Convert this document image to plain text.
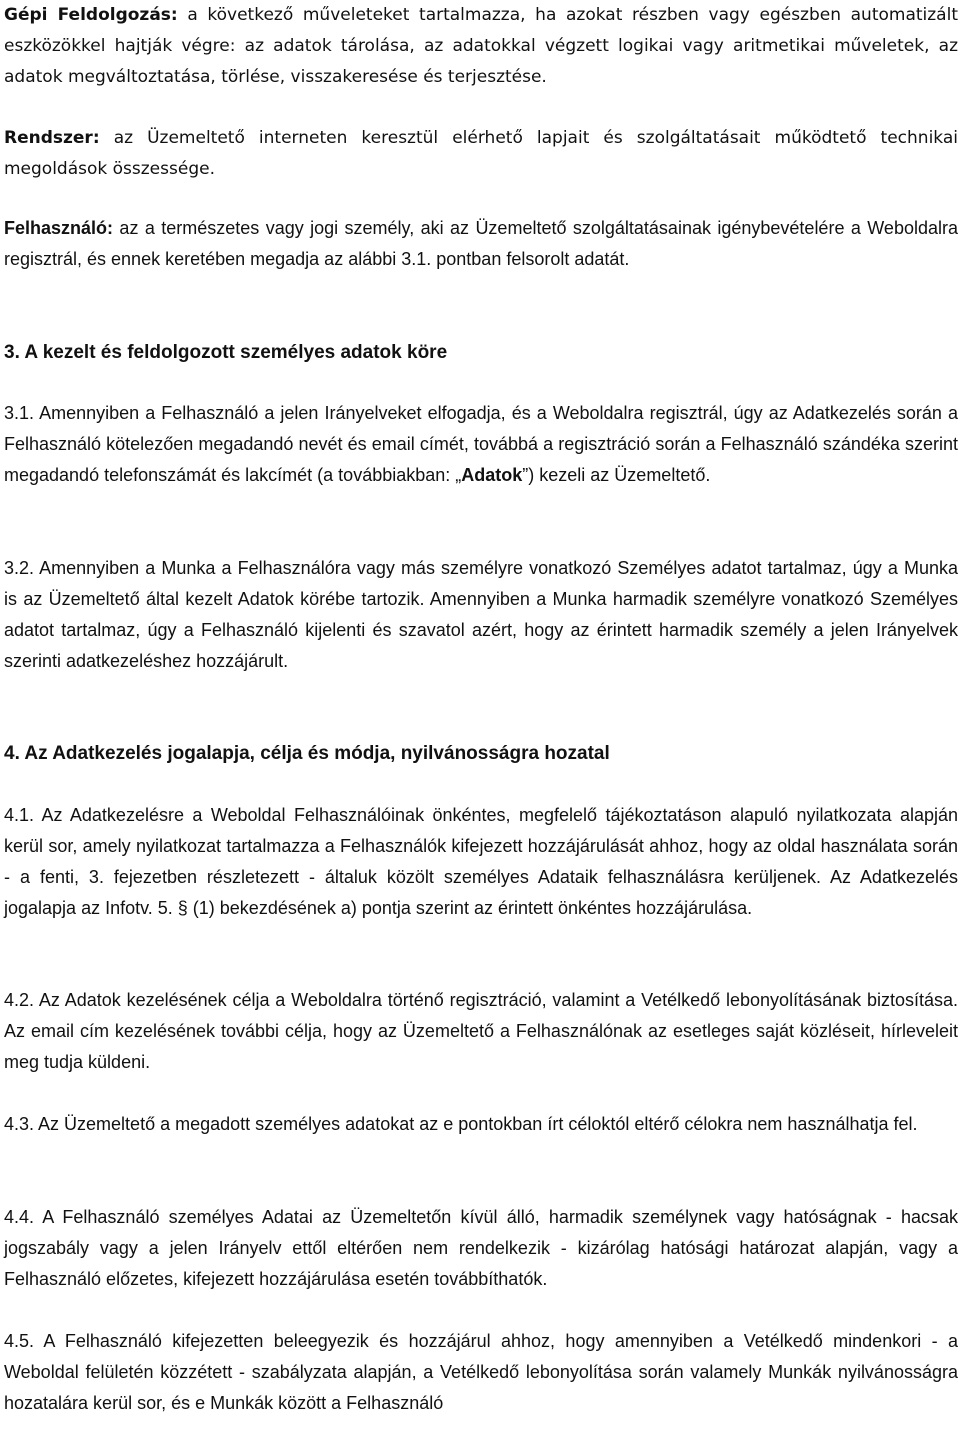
Gépi Feldolgozás: a következő műveleteket tartalmazza, ha azokat részben vagy egészben automatizált eszközökkel hajtják végre: az adatok tárolása, az adatokkal végzett logikai vagy aritmetikai műveletek, az adatok megváltoztatása, törlése, visszakeresése és terjesztése.

Rendszer: az Üzemeltető interneten keresztül elérhető lapjait és szolgáltatásait működtető technikai megoldások összessége.

Felhasználó: az a természetes vagy jogi személy, aki az Üzemeltető szolgáltatásainak igénybevételére a Weboldalra regisztrál, és ennek keretében megadja az alábbi 3.1. pontban felsorolt adatát.

3. A kezelt és feldolgozott személyes adatok köre

3.1. Amennyiben a Felhasználó a jelen Irányelveket elfogadja, és a Weboldalra regisztrál, úgy az Adatkezelés során a Felhasználó kötelezően megadandó nevét és email címét, továbbá a regisztráció során a Felhasználó szándéka szerint megadandó telefonszámát és lakcímét (a továbbiakban: „Adatok”) kezeli az Üzemeltető.

3.2. Amennyiben a Munka a Felhasználóra vagy más személyre vonatkozó Személyes adatot tartalmaz, úgy a Munka is az Üzemeltető által kezelt Adatok körébe tartozik. Amennyiben a Munka harmadik személyre vonatkozó Személyes adatot tartalmaz, úgy a Felhasználó kijelenti és szavatol azért, hogy az érintett harmadik személy a jelen Irányelvek szerinti adatkezeléshez hozzájárult.

4. Az Adatkezelés jogalapja, célja és módja, nyilvánosságra hozatal

4.1. Az Adatkezelésre a Weboldal Felhasználóinak önkéntes, megfelelő tájékoztatáson alapuló nyilatkozata alapján kerül sor, amely nyilatkozat tartalmazza a Felhasználók kifejezett hozzájárulását ahhoz, hogy az oldal használata során - a fenti, 3. fejezetben részletezett - általuk közölt személyes Adataik felhasználásra kerüljenek. Az Adatkezelés jogalapja az Infotv. 5. § (1) bekezdésének a) pontja szerint az érintett önkéntes hozzájárulása.

4.2. Az Adatok kezelésének célja a Weboldalra történő regisztráció, valamint a Vetélkedő lebonyolításának biztosítása. Az email cím kezelésének további célja, hogy az Üzemeltető a Felhasználónak az esetleges saját közléseit, hírleveleit meg tudja küldeni.

4.3. Az Üzemeltető a megadott személyes adatokat az e pontokban írt célоktól eltérő célokra nem használhatja fel.

4.4. A Felhasználó személyes Adatai az Üzemeltetőn kívül álló, harmadik személynek vagy hatóságnak - hacsak jogszabály vagy a jelen Irányelv ettől eltérően nem rendelkezik - kizárólag hatósági határozat alapján, vagy a Felhasználó előzetes, kifejezett hozzájárulása esetén továbbíthatók.

4.5. A Felhasználó kifejezetten beleegyezik és hozzájárul ahhoz, hogy amennyiben a Vetélkedő mindenkori - a Weboldal felületén közzétett - szabályzata alapján, a Vetélkedő lebonyolítása során valamely Munkák nyilvánosságra hozatalára kerül sor, és e Munkák között a Felhasználó
